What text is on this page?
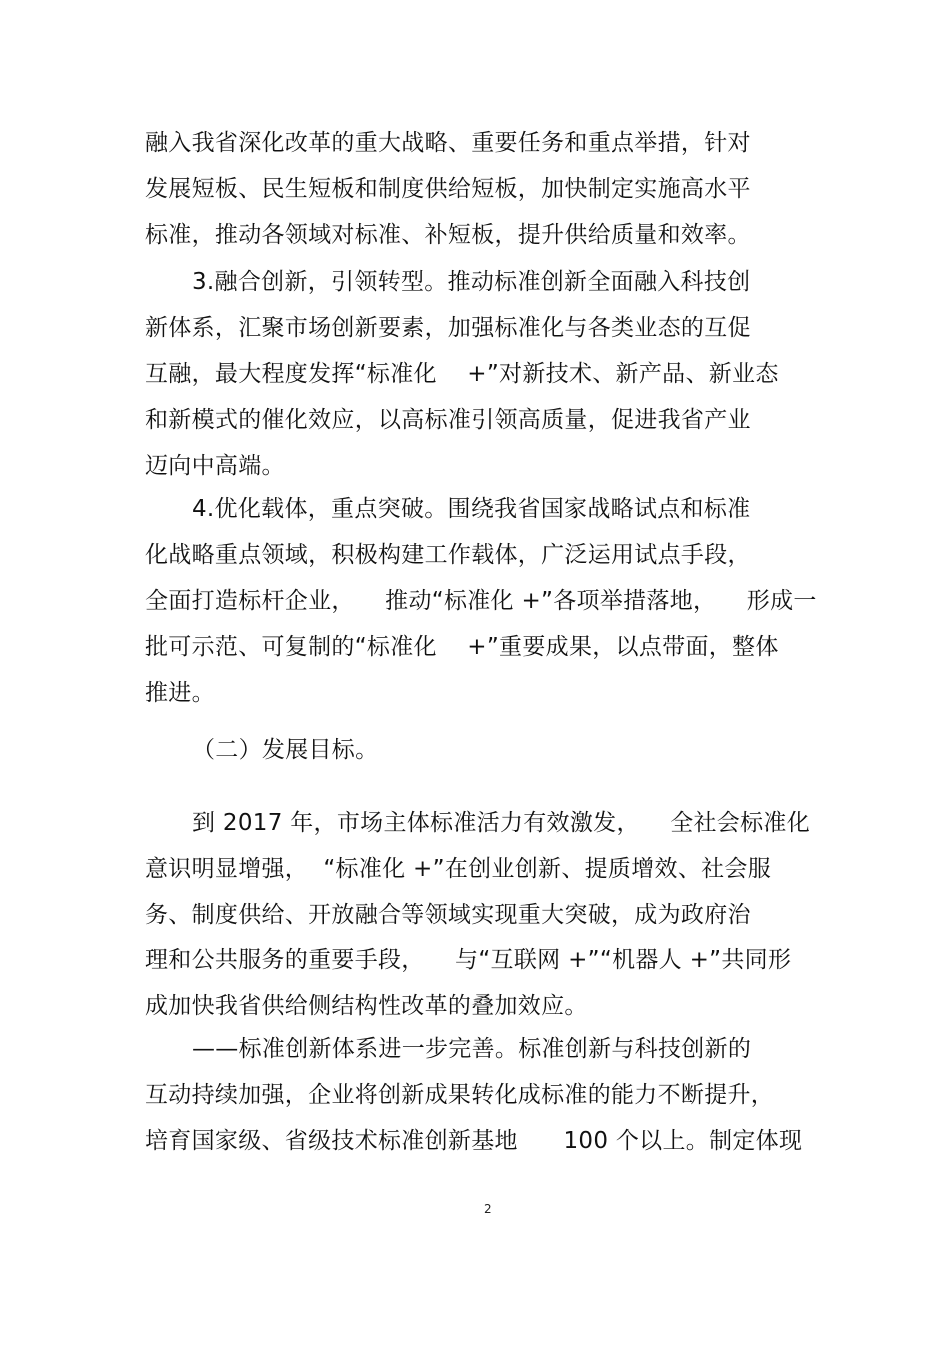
融入我省深化改革的重大战略、重要任务和重点举措，针对
发展短板、民生短板和制度供给短板，加快制定实施高水平
标准，推动各领域对标准、补短板，提升供给质量和效率。
3.融合创新，引领转型。推动标准创新全面融入科技创
新体系，汇聚市场创新要素，加强标准化与各类业态的互促
互融，最大程度发挥“标准化    +”对新技术、新产品、新业态
和新模式的催化效应，以高标准引领高质量，促进我省产业
迈向中高端。
4.优化载体，重点突破。围绕我省国家战略试点和标准
化战略重点领域，积极构建工作载体，广泛运用试点手段，
全面打造标杆企业，    推动“标准化 +”各项举措落地，    形成一
批可示范、可复制的“标准化    +”重要成果，以点带面，整体
推进。
（二）发展目标。
到 2017 年，市场主体标准活力有效激发，    全社会标准化
意识明显增强，  “标准化 +”在创业创新、提质增效、社会服
务、制度供给、开放融合等领域实现重大突破，成为政府治
理和公共服务的重要手段，    与“互联网 +”“机器人 +”共同形
成加快我省供给侧结构性改革的叠加效应。
——标准创新体系进一步完善。标准创新与科技创新的
互动持续加强，企业将创新成果转化成标准的能力不断提升，
培育国家级、省级技术标准创新基地      100 个以上。制定体现
2
